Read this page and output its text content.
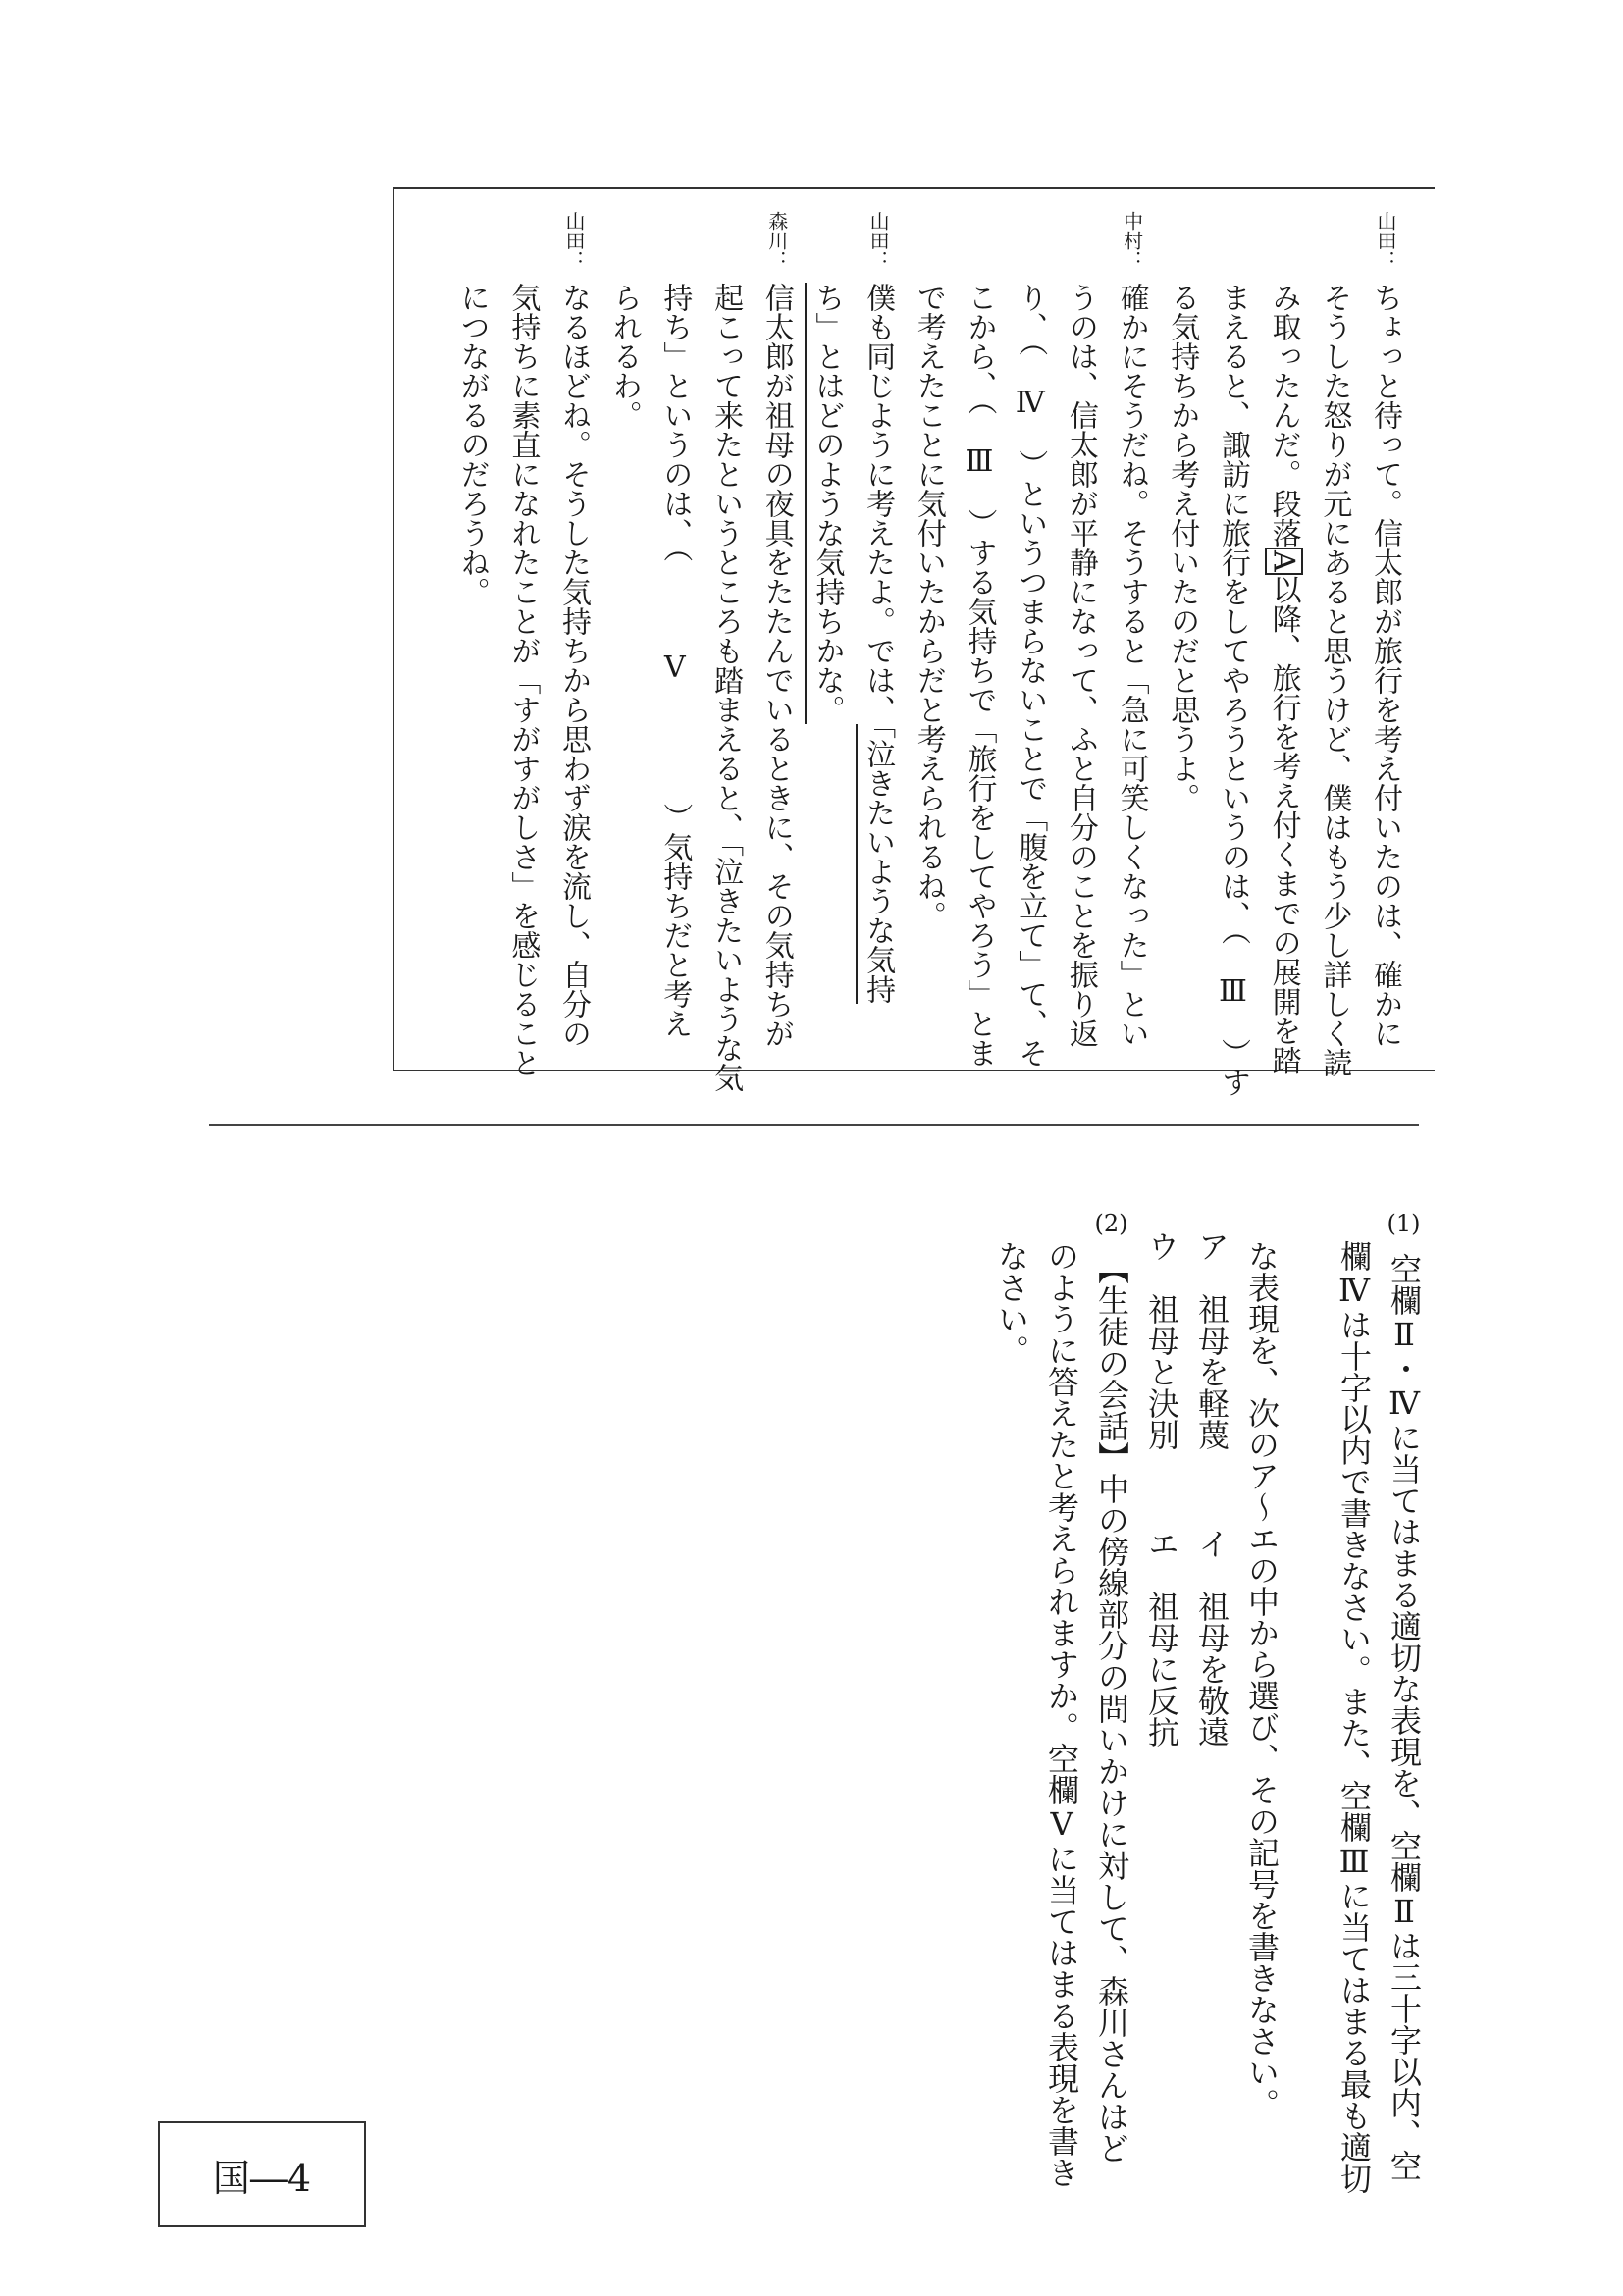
山田：
ちょっと待って。信太郎が旅行を考え付いたのは、確かに
そうした怒りが元にあると思うけど、僕はもう少し詳しく読
み取ったんだ。段落A以降、旅行を考え付くまでの展開を踏
まえると、諏訪に旅行をしてやろうというのは、（　Ⅲ　）す
る気持ちから考え付いたのだと思うよ。
中村：
確かにそうだね。そうすると「急に可笑しくなった」とい
うのは、信太郎が平静になって、ふと自分のことを振り返
り、（　Ⅳ　）というつまらないことで「腹を立て」て、そ
こから、（　Ⅲ　）する気持ちで「旅行をしてやろう」とま
で考えたことに気付いたからだと考えられるね。
山田：
僕も同じように考えたよ。では、「泣きたいような気持
ち」とはどのような気持ちかな。
森川：
信太郎が祖母の夜具をたたんでいるときに、その気持ちが
起こって来たというところも踏まえると、「泣きたいような気
持ち」というのは、（　　　Ⅴ　　　　）気持ちだと考え
られるわ。
山田：
なるほどね。そうした気持ちから思わず涙を流し、自分の
気持ちに素直になれたことが「すがすがしさ」を感じること
につながるのだろうね。
(1)
空欄Ⅱ・Ⅳに当てはまる適切な表現を、空欄Ⅱは三十字以内、空
欄Ⅳは十字以内で書きなさい。また、空欄Ⅲに当てはまる最も適切
な表現を、次のア～エの中から選び、その記号を書きなさい。
ア　祖母を軽蔑
イ　祖母を敬遠
ウ　祖母と決別
エ　祖母に反抗
(2)
【生徒の会話】中の傍線部分の問いかけに対して、森川さんはど
のように答えたと考えられますか。空欄Ⅴに当てはまる表現を書き
なさい。
国―4
